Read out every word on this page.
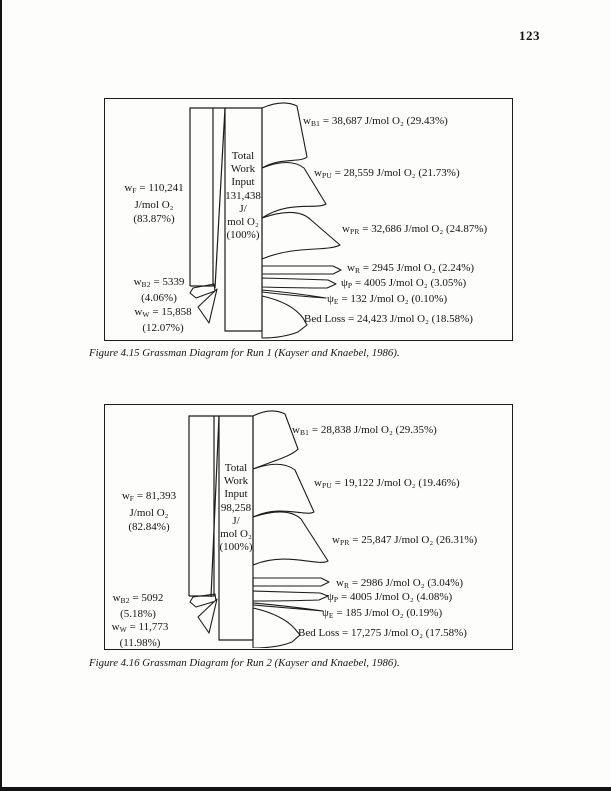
123
$w_F = 110,241$
J/mol O₂
(83.87%)
$w_{B2} = 5339$
(4.06%)
$w_W = 15,858$
(12.07%)
Total
Work
Input
131,438
J/
mol O₂
(100%)
$w_{B1} = 38,687$ J/mol O₂ (29.43%)
$w_{PU} = 28,559$ J/mol O₂ (21.73%)
$w_{PR} = 32,686$ J/mol O₂ (24.87%)
$w_R = 2945$ J/mol O₂ (2.24%)
$\psi_P = 4005$ J/mol O₂ (3.05%)
$\psi_E = 132$ J/mol O₂ (0.10%)
Bed Loss = 24,423 J/mol O₂ (18.58%)
Figure 4.15 Grassman Diagram for Run 1 (Kayser and Knaebel, 1986).
$w_F = 81,393$
J/mol O₂
(82.84%)
$w_{B2} = 5092$
(5.18%)
$w_W = 11,773$
(11.98%)
Total
Work
Input
98,258
J/
mol O₂
(100%)
$w_{B1} = 28,838$ J/mol O₂ (29.35%)
$w_{PU} = 19,122$ J/mol O₂ (19.46%)
$w_{PR} = 25,847$ J/mol O₂ (26.31%)
$w_R = 2986$ J/mol O₂ (3.04%)
$\psi_P = 4005$ J/mol O₂ (4.08%)
$\psi_E = 185$ J/mol O₂ (0.19%)
Bed Loss = 17,275 J/mol O₂ (17.58%)
Figure 4.16 Grassman Diagram for Run 2 (Kayser and Knaebel, 1986).
